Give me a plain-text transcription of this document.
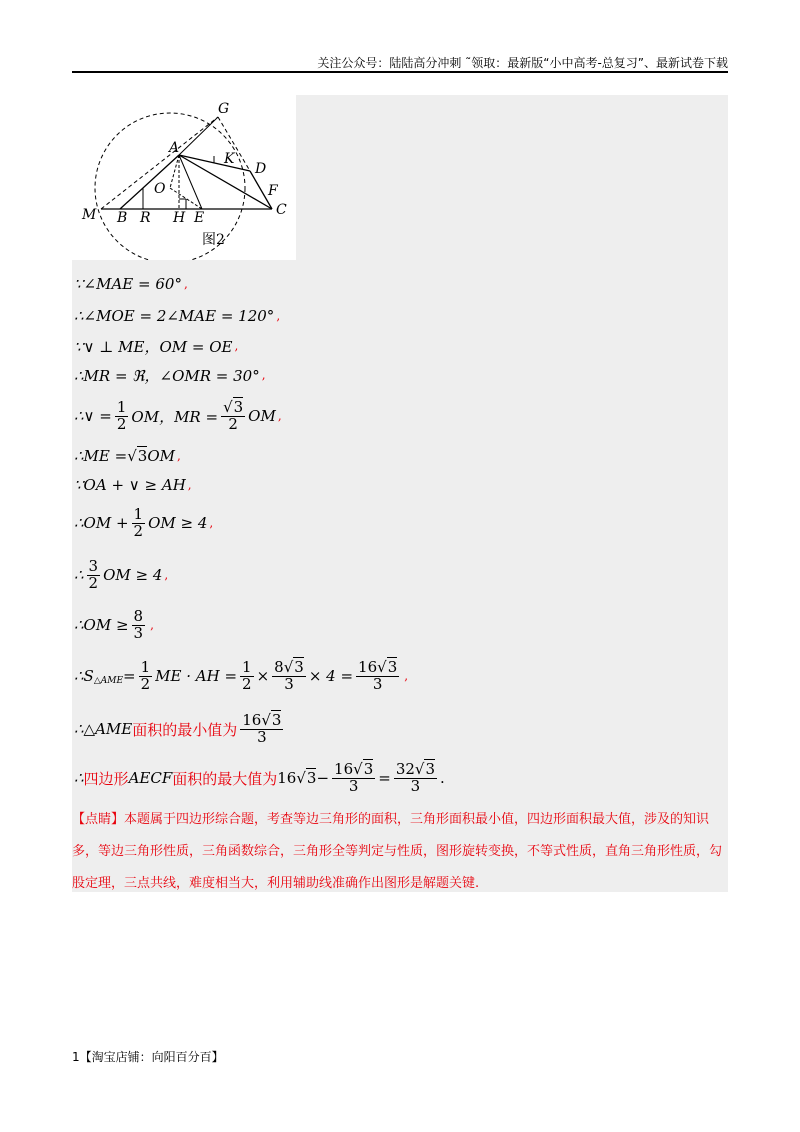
关注公众号：陆陆高分冲刺 ˜领取：最新版“小中高考-总复习”、最新试卷下载
G
A
K
D
O	F
M B R H E	C
图2
∵∠MAE = 60° ,
∴∠MOE = 2∠MAE = 120° ,
∵∨ ⊥ ME，OM = OE ,
∴MR = ℜ，∠OMR = 30° ,
∴∨ = $\frac{1}{2}$ OM，MR = $\frac{√3}{2}$ OM ,
∴ME = √3 OM ,
∵OA + ∨ ≥ AH ,
∴OM + $\frac{1}{2}$ OM ≥ 4 ,
∴ $\frac{3}{2}$ OM ≥ 4 ,
∴OM ≥ $\frac{8}{3}$ ,
∴S △AME = $\frac{1}{2}$ ME · AH = $\frac{1}{2} \times \frac{8√3}{3} \times 4 = \frac{16√3}{3}$ ,
∴△AME 面积的最小值为 $\frac{16√3}{3}$
∴ 四边形 AECF 面积的最大值为 16 $√3 - \frac{16√3}{3} = \frac{32√3}{3}$ .
【点睛】本题属于四边形综合题，考查等边三角形的面积，三角形面积最小值，四边形面积最大值，涉及的知识多，等边三角形性质，三角函数综合，三角形全等判定与性质，图形旋转变换，不等式性质，直角三角形性质，勾股定理，三点共线，难度相当大，利用辅助线准确作出图形是解题关键.
1【淘宝店铺：向阳百分百】
